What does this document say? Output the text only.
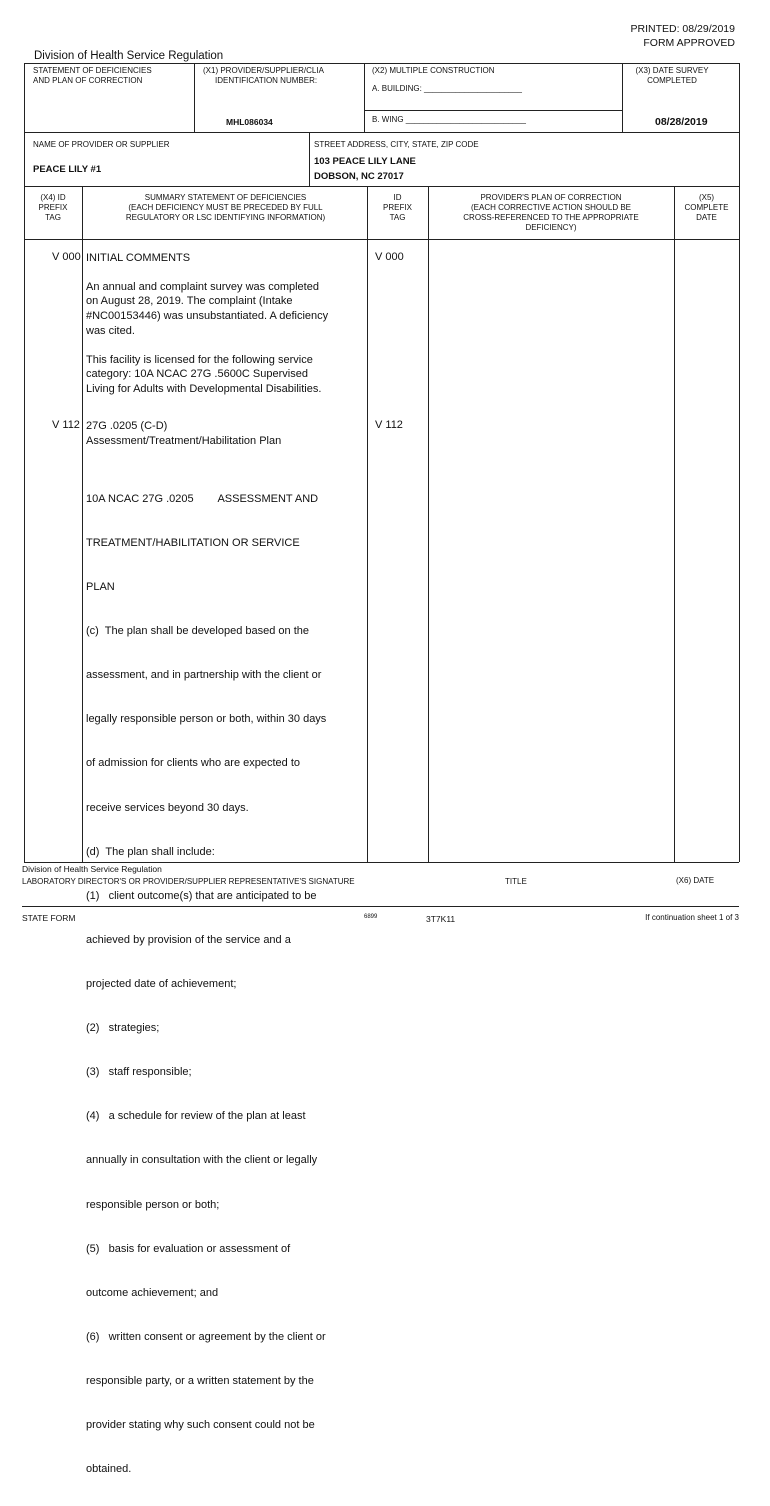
PRINTED: 08/29/2019
FORM APPROVED
Division of Health Service Regulation
STATEMENT OF DEFICIENCIES
AND PLAN OF CORRECTION
(X1) PROVIDER/SUPPLIER/CLIA
IDENTIFICATION NUMBER:
MHL086034
(X2) MULTIPLE CONSTRUCTION
A. BUILDING: ______________________
B. WING ___________________________
(X3) DATE SURVEY
COMPLETED
08/28/2019
NAME OF PROVIDER OR SUPPLIER
PEACE LILY #1
STREET ADDRESS, CITY, STATE, ZIP CODE
103 PEACE LILY LANE
DOBSON, NC 27017
(X4) ID
PREFIX
TAG
SUMMARY STATEMENT OF DEFICIENCIES
(EACH DEFICIENCY MUST BE PRECEDED BY FULL
REGULATORY OR LSC IDENTIFYING INFORMATION)
ID
PREFIX
TAG
PROVIDER'S PLAN OF CORRECTION
(EACH CORRECTIVE ACTION SHOULD BE
CROSS-REFERENCED TO THE APPROPRIATE
DEFICIENCY)
(X5)
COMPLETE
DATE
V 000	V 000
INITIAL COMMENTS
An annual and complaint survey was completed
on August 28, 2019. The complaint (Intake
#NC00153446) was unsubstantiated. A deficiency
was cited.
This facility is licensed for the following service
category: 10A NCAC 27G .5600C Supervised
Living for Adults with Developmental Disabilities.
V 112	V 112
27G .0205 (C-D)
Assessment/Treatment/Habilitation Plan

10A NCAC 27G .0205        ASSESSMENT AND

TREATMENT/HABILITATION OR SERVICE

PLAN

(c)  The plan shall be developed based on the

assessment, and in partnership with the client or

legally responsible person or both, within 30 days

of admission for clients who are expected to

receive services beyond 30 days.

(d)  The plan shall include:

(1)   client outcome(s) that are anticipated to be

achieved by provision of the service and a

projected date of achievement;

(2)   strategies;

(3)   staff responsible;

(4)   a schedule for review of the plan at least

annually in consultation with the client or legally

responsible person or both;

(5)   basis for evaluation or assessment of

outcome achievement; and

(6)   written consent or agreement by the client or

responsible party, or a written statement by the

provider stating why such consent could not be

obtained.

Division of Health Service Regulation
LABORATORY DIRECTOR'S OR PROVIDER/SUPPLIER REPRESENTATIVE'S SIGNATURE	TITLE	(X6) DATE
STATE FORM	6899	3T7K11	If continuation sheet 1 of 3
